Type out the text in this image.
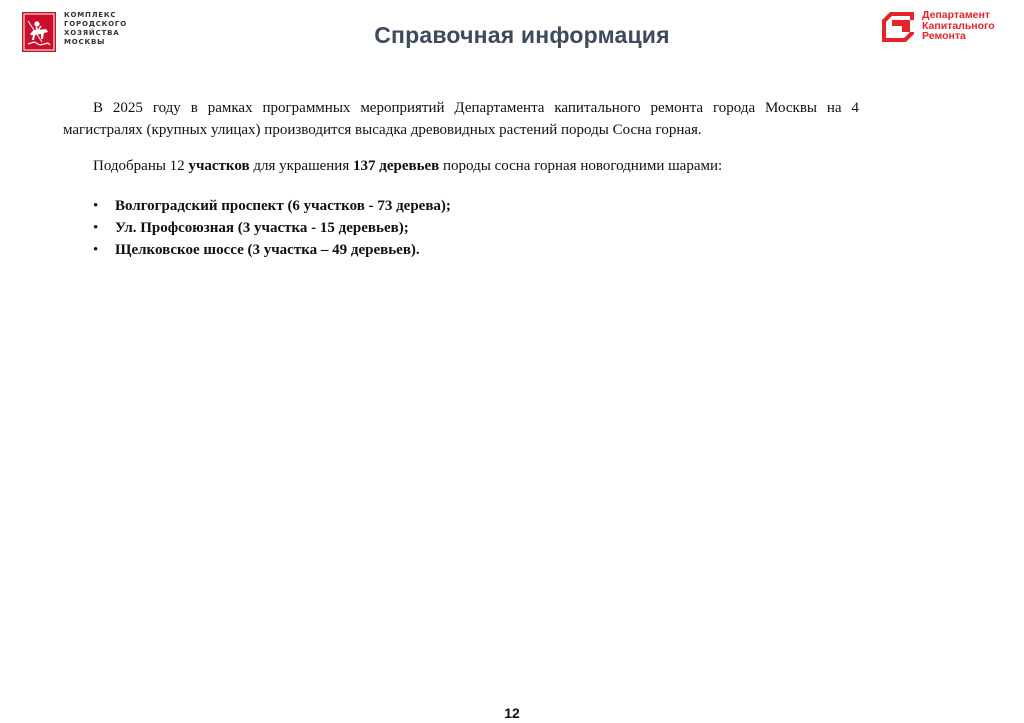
КОМПЛЕКС
ГОРОДСКОГО
ХОЗЯЙСТВА
МОСКВЫ	Справочная информация
Департамент
Капитального
Ремонта

В 2025 году в рамках программных мероприятий Департамента капитального ремонта города Москвы на 4 магистралях (крупных улицах) производится высадка древовидных растений породы Сосна горная.

Подобраны 12 участков для украшения 137 деревьев породы сосна горная новогодними шарами:

• Волгоградский проспект (6 участков - 73 дерева);
• Ул. Профсоюзная (3 участка - 15 деревьев);
• Щелковское шоссе (3 участка – 49 деревьев).
12
